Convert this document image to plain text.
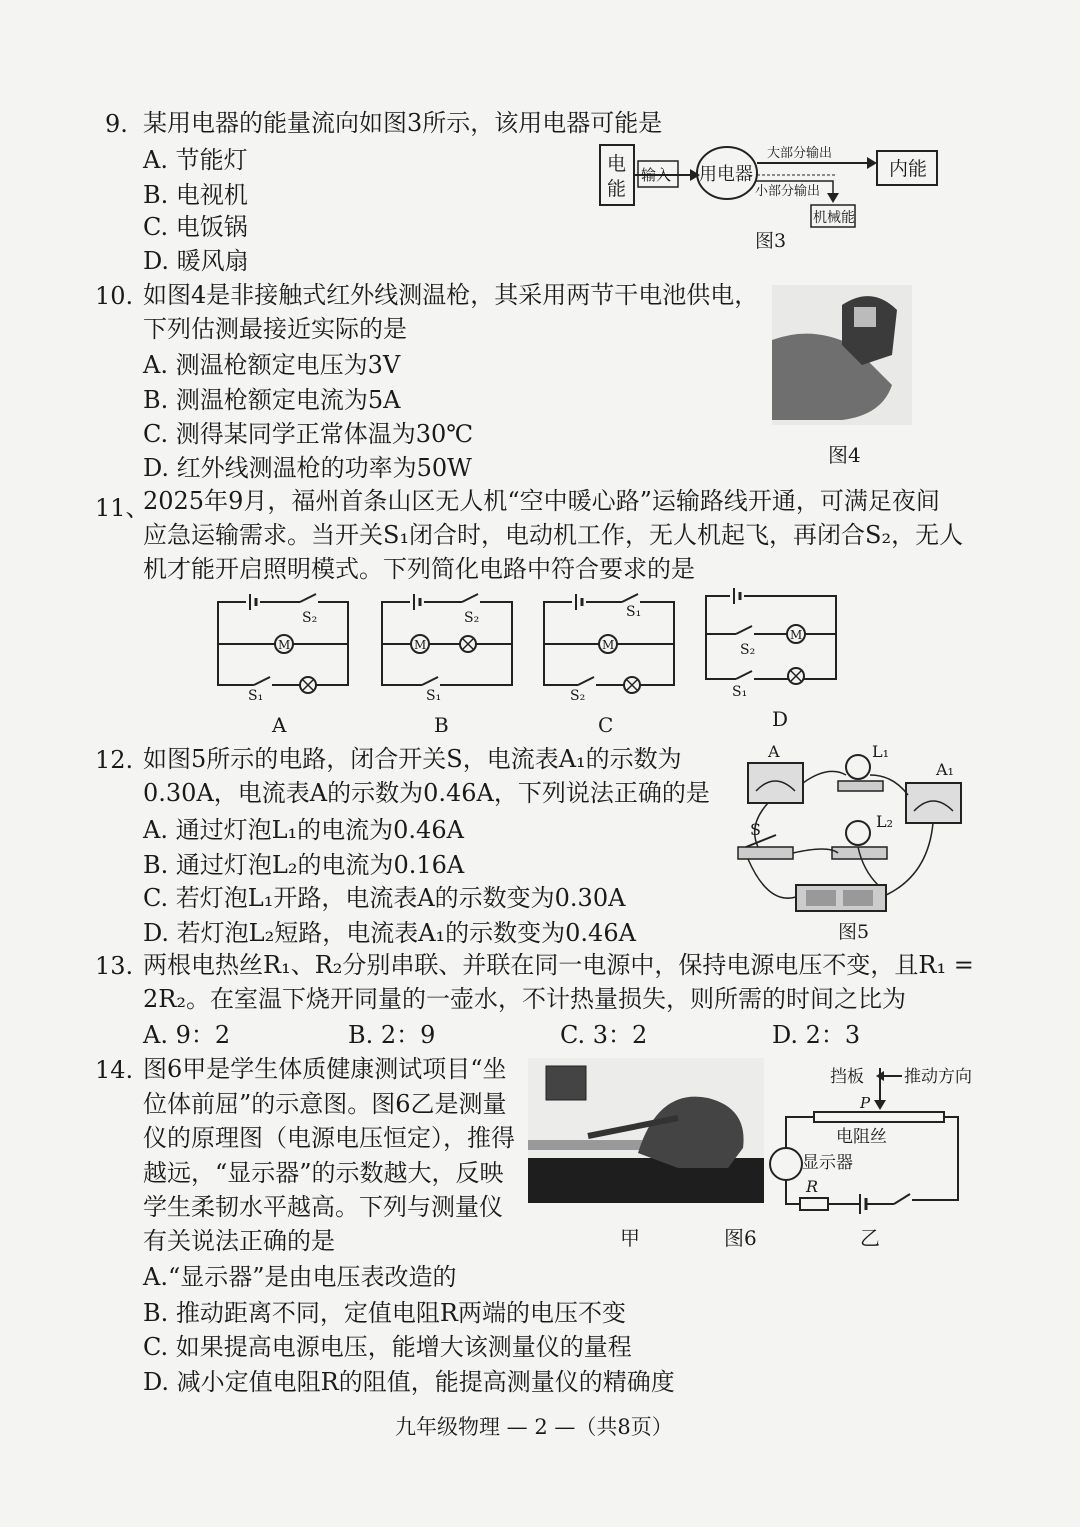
9. 某用电器的能量流向如图3所示，该用电器可能是
A. 节能灯
B. 电视机
C. 电饭锅
D. 暖风扇
电
能
输入 用电器
大部分输出
小部分输出
内能
机械能
图3
10. 如图4是非接触式红外线测温枪，其采用两节干电池供电，
下列估测最接近实际的是
A. 测温枪额定电压为3V
B. 测温枪额定电流为5A
C. 测得某同学正常体温为30℃
D. 红外线测温枪的功率为50W	图4
11、
2025年9月，福州首条山区无人机“空中暖心路”运输路线开通，可满足夜间
应急运输需求。当开关S₁闭合时，电动机工作，无人机起飞，再闭合S₂，无人
机才能开启照明模式。下列简化电路中符合要求的是
S₂
M
S₁
A
S₂
M
S₁
B
S₁
M
S₂
C
S₂
M
S₁
D
12. 如图5所示的电路，闭合开关S，电流表A₁的示数为
0.30A，电流表A的示数为0.46A，下列说法正确的是
A. 通过灯泡L₁的电流为0.46A
B. 通过灯泡L₂的电流为0.16A
C. 若灯泡L₁开路，电流表A的示数变为0.30A
D. 若灯泡L₂短路，电流表A₁的示数变为0.46A
A
A₁
L₁
L₂
S
图5
13. 两根电热丝R₁、R₂分别串联、并联在同一电源中，保持电源电压不变，且R₁ =
2R₂。在室温下烧开同量的一壶水，不计热量损失，则所需的时间之比为
A. 9：2	B. 2：9	C. 3：2	D. 2：3
14. 图6甲是学生体质健康测试项目“坐
位体前屈”的示意图。图6乙是测量
仪的原理图（电源电压恒定），推得
越远，“显示器”的示数越大，反映
学生柔韧水平越高。下列与测量仪
有关说法正确的是
A.“显示器”是由电压表改造的
B. 推动距离不同，定值电阻R两端的电压不变
C. 如果提高电源电压，能增大该测量仪的量程
D. 减小定值电阻R的阻值，能提高测量仪的精确度
挡板 推动方向
P
电阻丝
显示器
R
甲	图6	乙
九年级物理 — 2 —（共8页）
